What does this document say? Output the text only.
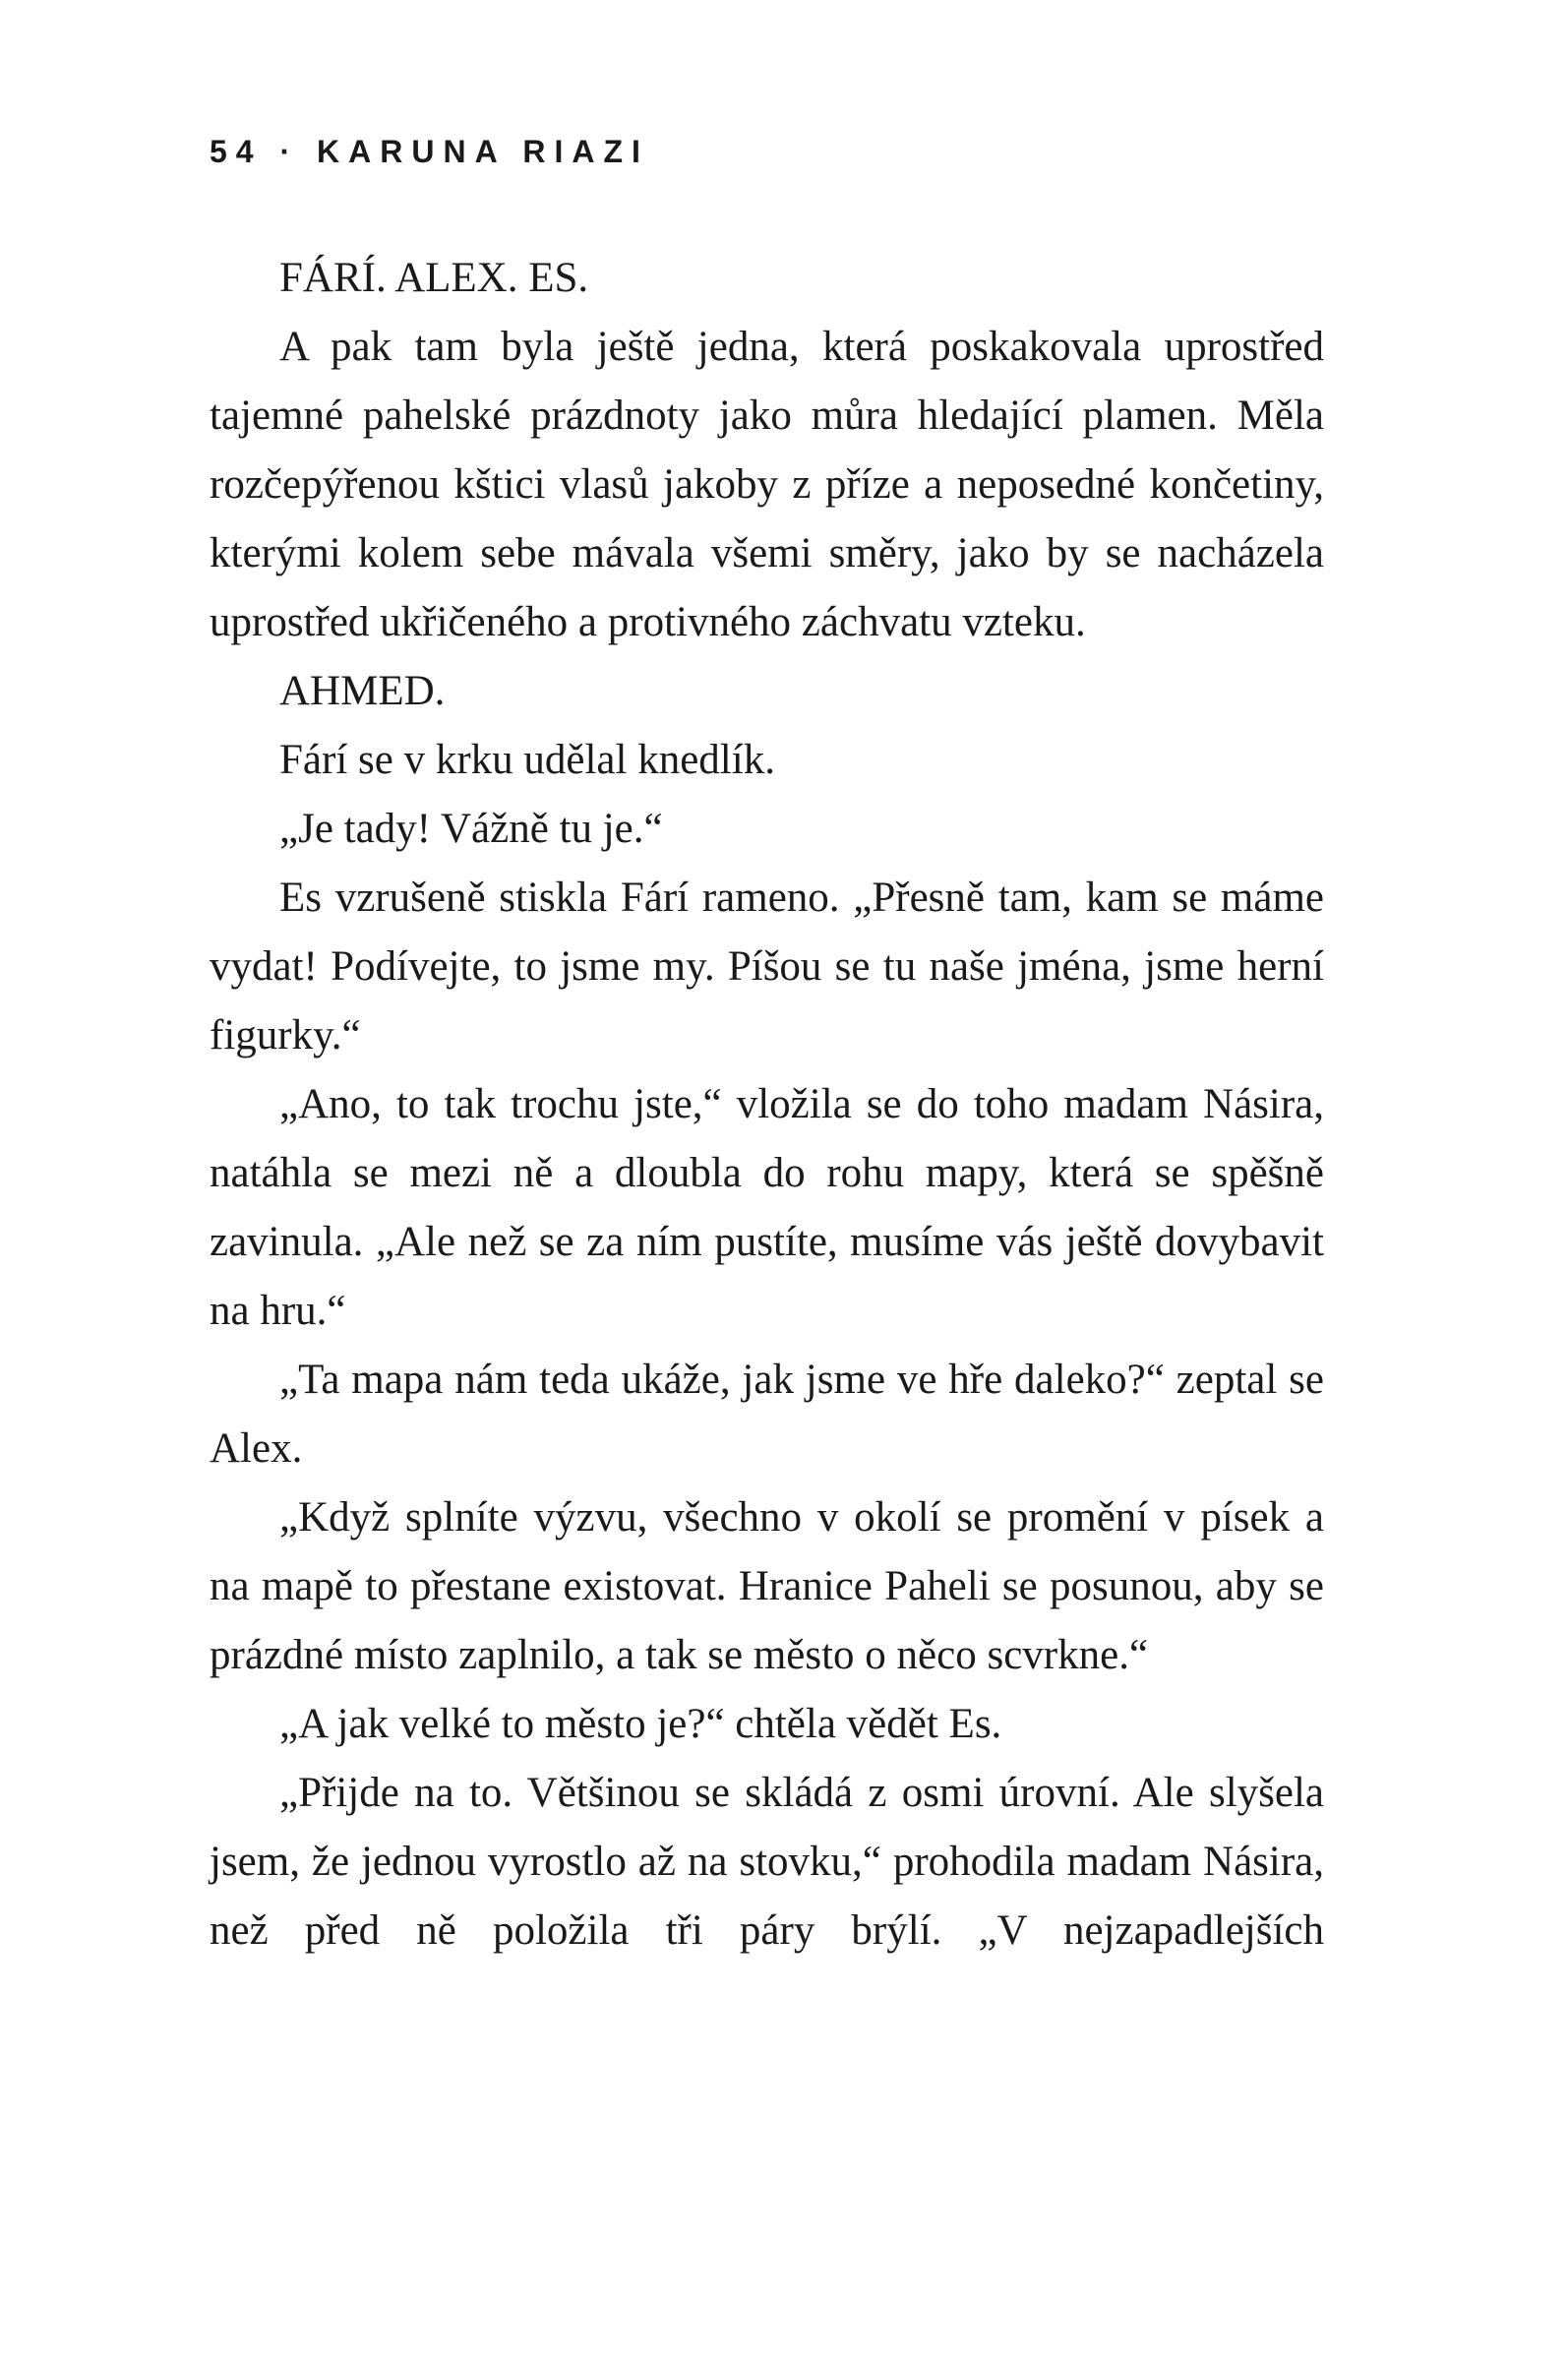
54 · KARUNA RIAZI

FÁRÍ. ALEX. ES.

A pak tam byla ještě jedna, která poskakovala uprostřed tajemné pahelské prázdnoty jako můra hledající plamen. Měla rozčepýřenou kštici vlasů jakoby z příze a neposedné končetiny, kterými kolem sebe mávala všemi směry, jako by se nacházela uprostřed ukřičeného a protivného záchvatu vzteku.

AHMED.

Fárí se v krku udělal knedlík.

„Je tady! Vážně tu je.“

Es vzrušeně stiskla Fárí rameno. „Přesně tam, kam se máme vydat! Podívejte, to jsme my. Píšou se tu naše jména, jsme herní figurky.“

„Ano, to tak trochu jste,“ vložila se do toho madam Násira, natáhla se mezi ně a dloubla do rohu mapy, která se spěšně zavinula. „Ale než se za ním pustíte, musíme vás ještě dovybavit na hru.“

„Ta mapa nám teda ukáže, jak jsme ve hře daleko?“ zeptal se Alex.

„Když splníte výzvu, všechno v okolí se promění v písek a na mapě to přestane existovat. Hranice Paheli se posunou, aby se prázdné místo zaplnilo, a tak se město o něco scvrkne.“

„A jak velké to město je?“ chtěla vědět Es.

„Přijde na to. Většinou se skládá z osmi úrovní. Ale slyšela jsem, že jednou vyrostlo až na stovku,“ prohodila madam Násira, než před ně položila tři páry brýlí. „V nejzapadlejších
